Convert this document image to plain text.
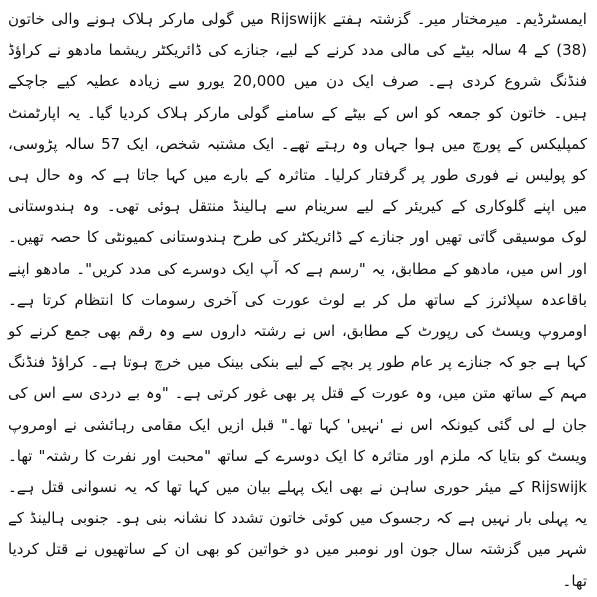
ایمسٹرڈیم۔ میرمختار میر۔ گزشتہ ہفتے Rijswijk میں گولی مارکر ہلاک ہونے والی خاتون (38) کے 4 سالہ بیٹے کی مالی مدد کرنے کے لیے، جنازے کی ڈائریکٹر ریشما مادھو نے کراؤڈ فنڈنگ شروع کردی ہے۔ صرف ایک دن میں 20,000 یورو سے زیادہ عطیہ کیے جاچکے ہیں۔ خاتون کو جمعہ کو اس کے بیٹے کے سامنے گولی مارکر ہلاک کردیا گیا۔ یہ اپارٹمنٹ کمپلیکس کے پورچ میں ہوا جہاں وہ رہتے تھے۔ ایک مشتبہ شخص، ایک 57 سالہ پڑوسی، کو پولیس نے فوری طور پر گرفتار کرلیا۔ متاثرہ کے بارے میں کہا جاتا ہے کہ وہ حال ہی میں اپنے گلوکاری کے کیریئر کے لیے سرینام سے ہالینڈ منتقل ہوئی تھی۔ وہ ہندوستانی لوک موسیقی گاتی تھیں اور جنازے کے ڈائریکٹر کی طرح ہندوستانی کمیونٹی کا حصہ تھیں۔ اور اس میں، مادھو کے مطابق، یہ "رسم ہے کہ آپ ایک دوسرے کی مدد کریں"۔ مادھو اپنے باقاعدہ سپلائرز کے ساتھ مل کر بے لوث عورت کی آخری رسومات کا انتظام کرتا ہے۔ اومروپ ویسٹ کی رپورٹ کے مطابق، اس نے رشتہ داروں سے وہ رقم بھی جمع کرنے کو کہا ہے جو کہ جنازے پر عام طور پر بچے کے لیے بنکی بینک میں خرچ ہوتا ہے۔ کراؤڈ فنڈنگ مہم کے ساتھ متن میں، وہ عورت کے قتل پر بھی غور کرتی ہے۔ "وہ بے دردی سے اس کی جان لے لی گئی کیونکہ اس نے 'نہیں' کہا تھا۔" قبل ازیں ایک مقامی رہائشی نے اومروپ ویسٹ کو بتایا کہ ملزم اور متاثرہ کا ایک دوسرے کے ساتھ "محبت اور نفرت کا رشتہ" تھا۔ Rijswijk کے میئر حوری ساہن نے بھی ایک پہلے بیان میں کہا تھا کہ یہ نسوانی قتل ہے۔ یہ پہلی بار نہیں ہے کہ رجسوک میں کوئی خاتون تشدد کا نشانہ بنی ہو۔ جنوبی ہالینڈ کے شہر میں گزشتہ سال جون اور نومبر میں دو خواتین کو بھی ان کے ساتھیوں نے قتل کردیا تھا۔
